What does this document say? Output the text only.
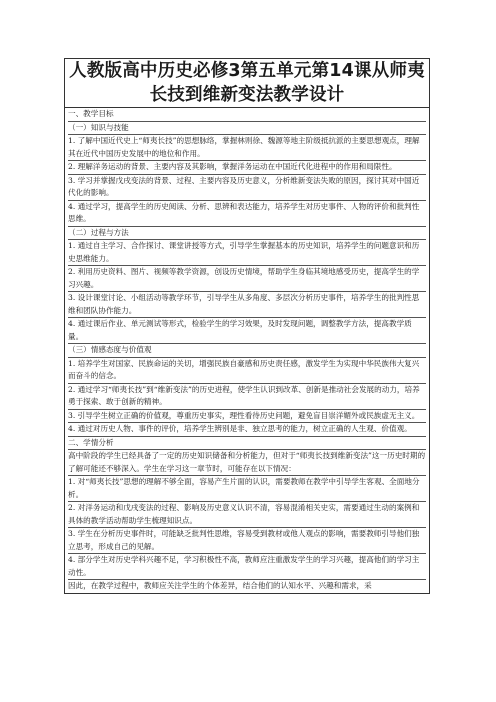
人教版高中历史必修3第五单元第14课从师夷长技到维新变法教学设计

一、教学目标
（一）知识与技能
1. 了解中国近代史上“师夷长技”的思想脉络，掌握林则徐、魏源等地主阶级抵抗派的主要思想观点，理解其在近代中国历史发展中的地位和作用。
2. 理解洋务运动的背景、主要内容及其影响，掌握洋务运动在中国近代化进程中的作用和局限性。
3. 学习并掌握戊戌变法的背景、过程、主要内容及历史意义，分析维新变法失败的原因，探讨其对中国近代化的影响。
4. 通过学习，提高学生的历史阅读、分析、思辨和表达能力，培养学生对历史事件、人物的评价和批判性思维。
（二）过程与方法
1. 通过自主学习、合作探讨、课堂讲授等方式，引导学生掌握基本的历史知识，培养学生的问题意识和历史思维能力。
2. 利用历史资料、图片、视频等教学资源，创设历史情境，帮助学生身临其境地感受历史，提高学生的学习兴趣。
3. 设计课堂讨论、小组活动等教学环节，引导学生从多角度、多层次分析历史事件，培养学生的批判性思维和团队协作能力。
4. 通过课后作业、单元测试等形式，检验学生的学习效果，及时发现问题，调整教学方法，提高教学质量。
（三）情感态度与价值观
1. 培养学生对国家、民族命运的关切，增强民族自豪感和历史责任感，激发学生为实现中华民族伟大复兴而奋斗的信念。
2. 通过学习“师夷长技”到“维新变法”的历史进程，使学生认识到改革、创新是推动社会发展的动力，培养勇于探索、敢于创新的精神。
3. 引导学生树立正确的价值观，尊重历史事实，理性看待历史问题，避免盲目崇洋媚外或民族虚无主义。
4. 通过对历史人物、事件的评价，培养学生辨别是非、独立思考的能力，树立正确的人生观、价值观。
二、学情分析
高中阶段的学生已经具备了一定的历史知识储备和分析能力，但对于“师夷长技到维新变法”这一历史时期的了解可能还不够深入。学生在学习这一章节时，可能存在以下情况：
1. 对“师夷长技”思想的理解不够全面，容易产生片面的认识，需要教师在教学中引导学生客观、全面地分析。
2. 对洋务运动和戊戌变法的过程、影响及历史意义认识不清，容易混淆相关史实，需要通过生动的案例和具体的教学活动帮助学生梳理知识点。
3. 学生在分析历史事件时，可能缺乏批判性思维，容易受到教材或他人观点的影响，需要教师引导他们独立思考，形成自己的见解。
4. 部分学生对历史学科兴趣不足，学习积极性不高，教师应注重激发学生的学习兴趣，提高他们的学习主动性。
因此，在教学过程中，教师应关注学生的个体差异，结合他们的认知水平、兴趣和需求，采
